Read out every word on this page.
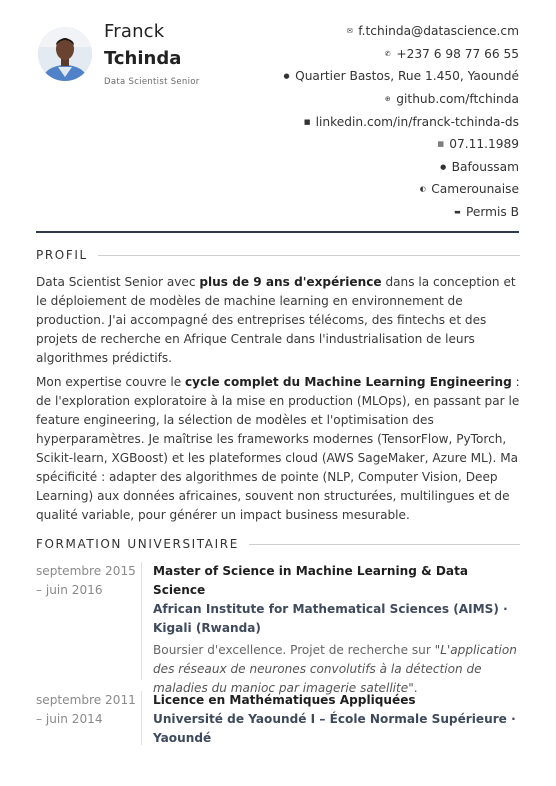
Franck
Tchinda
Data Scientist Senior
✉ f.tchinda@datascience.cm
✆ +237 6 98 77 66 55
● Quartier Bastos, Rue 1.450, Yaoundé
⊕ github.com/ftchinda
■ linkedin.com/in/franck-tchinda-ds
▦ 07.11.1989
● Bafoussam
◐ Camerounaise
▬ Permis B
PROFIL

Data Scientist Senior avec plus de 9 ans d'expérience dans la conception et le déploiement de modèles de machine learning en environnement de production. J'ai accompagné des entreprises télécoms, des fintechs et des projets de recherche en Afrique Centrale dans l'industrialisation de leurs algorithmes prédictifs.

Mon expertise couvre le cycle complet du Machine Learning Engineering : de l'exploration exploratoire à la mise en production (MLOps), en passant par le feature engineering, la sélection de modèles et l'optimisation des hyperparamètres. Je maîtrise les frameworks modernes (TensorFlow, PyTorch, Scikit-learn, XGBoost) et les plateformes cloud (AWS SageMaker, Azure ML). Ma spécificité : adapter des algorithmes de pointe (NLP, Computer Vision, Deep Learning) aux données africaines, souvent non structurées, multilingues et de qualité variable, pour générer un impact business mesurable.

FORMATION UNIVERSITAIRE
septembre 2015 – juin 2016
Master of Science in Machine Learning & Data Science
African Institute for Mathematical Sciences (AIMS) · Kigali (Rwanda)
Boursier d'excellence. Projet de recherche sur "L'application des réseaux de neurones convolutifs à la détection de maladies du manioc par imagerie satellite".
septembre 2011 – juin 2014
Licence en Mathématiques Appliquées
Université de Yaoundé I – École Normale Supérieure · Yaoundé
